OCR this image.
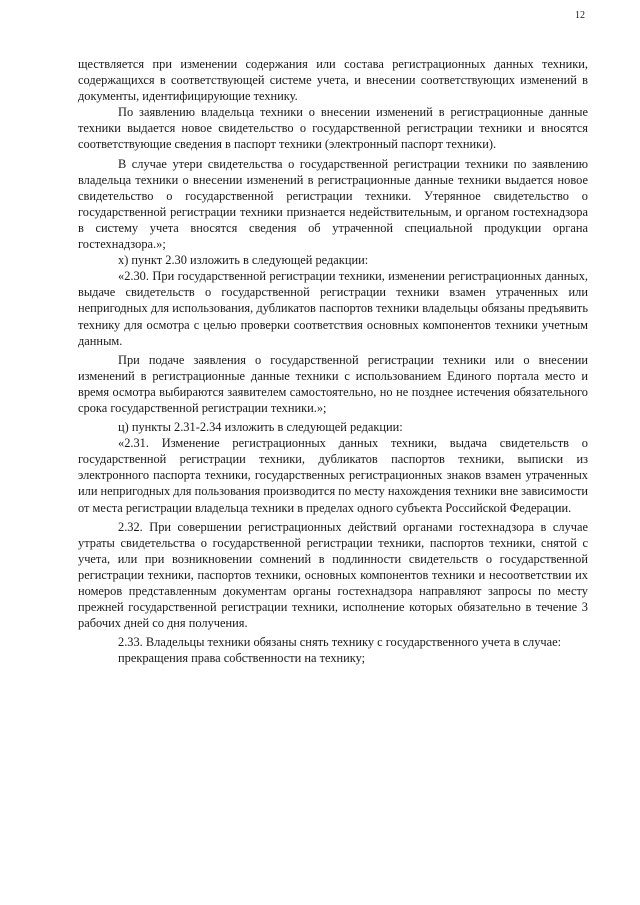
12

ществляется при изменении содержания или состава регистрационных данных техники, содержащихся в соответствующей системе учета, и внесении соответствующих изменений в документы, идентифицирующие технику.

По заявлению владельца техники о внесении изменений в регистрационные данные техники выдается новое свидетельство о государственной регистрации техники и вносятся соответствующие сведения в паспорт техники (электронный паспорт техники).

В случае утери свидетельства о государственной регистрации техники по заявлению владельца техники о внесении изменений в регистрационные данные техники выдается новое свидетельство о государственной регистрации техники. Утерянное свидетельство о государственной регистрации техники признается недействительным, и органом гостехнадзора в систему учета вносятся сведения об утраченной специальной продукции органа гостехнадзора.»;

х) пункт 2.30 изложить в следующей редакции:

«2.30. При государственной регистрации техники, изменении регистрационных данных, выдаче свидетельств о государственной регистрации техники взамен утраченных или непригодных для использования, дубликатов паспортов техники владельцы обязаны предъявить технику для осмотра с целью проверки соответствия основных компонентов техники учетным данным.

При подаче заявления о государственной регистрации техники или о внесении изменений в регистрационные данные техники с использованием Единого портала место и время осмотра выбираются заявителем самостоятельно, но не позднее истечения обязательного срока государственной регистрации техники.»;

ц) пункты 2.31-2.34 изложить в следующей редакции:

«2.31. Изменение регистрационных данных техники, выдача свидетельств о государственной регистрации техники, дубликатов паспортов техники, выписки из электронного паспорта техники, государственных регистрационных знаков взамен утраченных или непригодных для пользования производится по месту нахождения техники вне зависимости от места регистрации владельца техники в пределах одного субъекта Российской Федерации.

2.32. При совершении регистрационных действий органами гостехнадзора в случае утраты свидетельства о государственной регистрации техники, паспортов техники, снятой с учета, или при возникновении сомнений в подлинности свидетельств о государственной регистрации техники, паспортов техники, основных компонентов техники и несоответствии их номеров представленным документам органы гостехнадзора направляют запросы по месту прежней государственной регистрации техники, исполнение которых обязательно в течение 3 рабочих дней со дня получения.

2.33. Владельцы техники обязаны снять технику с государственного учета в случае:

прекращения права собственности на технику;
